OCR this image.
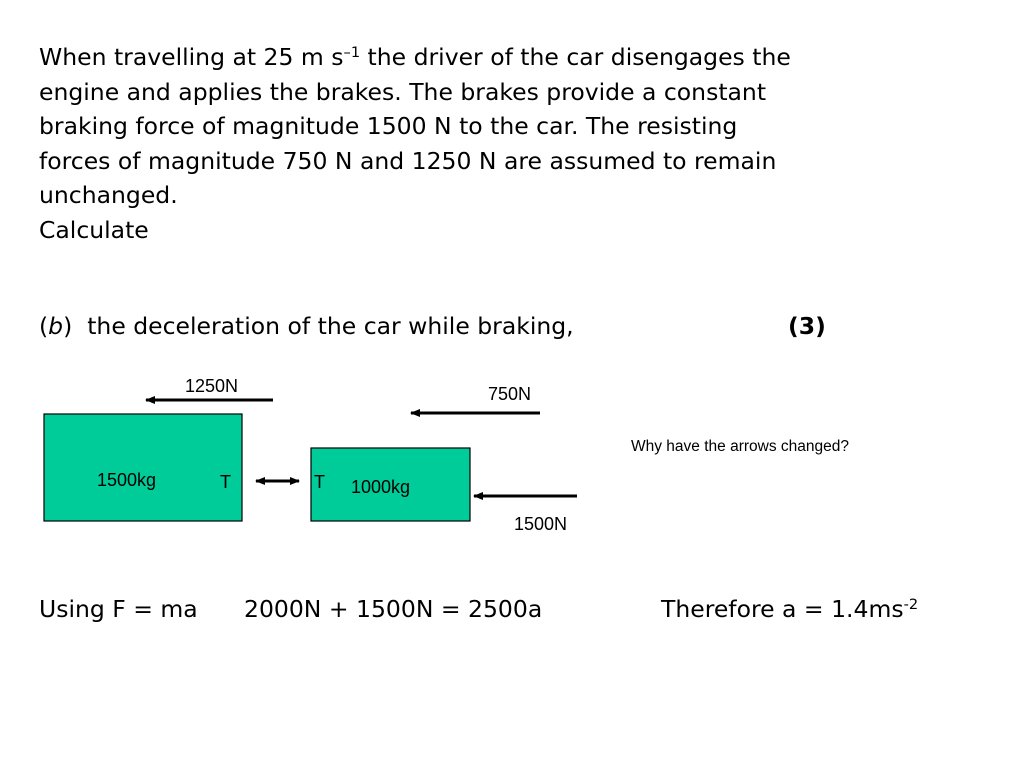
When travelling at 25 m $s^{-1}$ the driver of the car disengages the
engine and applies the brakes. The brakes provide a constant
braking force of magnitude 1500 N to the car. The resisting
forces of magnitude 750 N and 1250 N are assumed to remain
unchanged.
Calculate
(b) the deceleration of the car while braking,	(3)
1250N	750N
1500N
1500kg	1000kg
T	T
Why have the arrows changed?
Using F = ma 2000N + 1500N = 2500a	Therefore $a = 1.4ms^{-2}$
